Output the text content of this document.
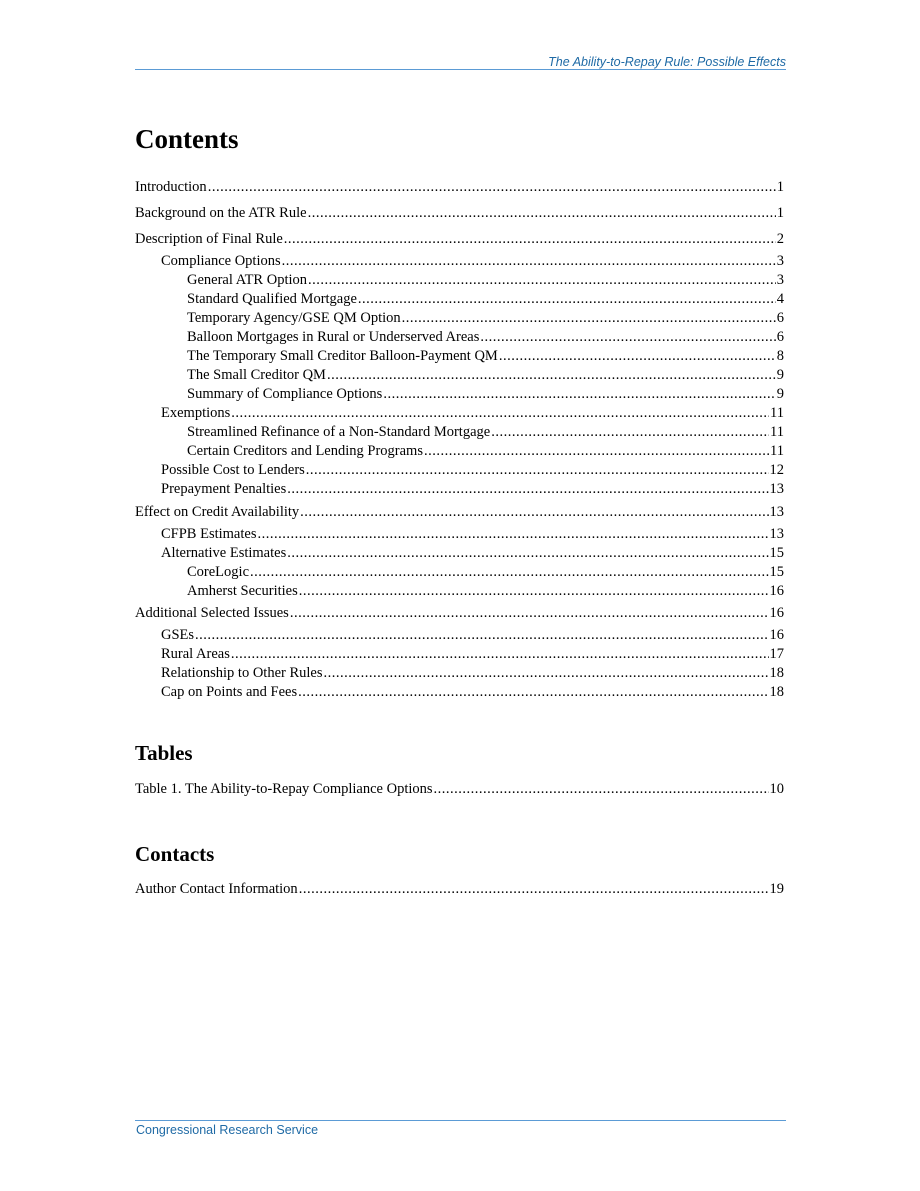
The Ability-to-Repay Rule: Possible Effects
Contents
Introduction .....	1
Background on the ATR Rule .....	1
Description of Final Rule .....	2
Compliance Options .....	3
General ATR Option .....	3
Standard Qualified Mortgage .....	4
Temporary Agency/GSE QM Option .....	6
Balloon Mortgages in Rural or Underserved Areas .....	6
The Temporary Small Creditor Balloon-Payment QM .....	8
The Small Creditor QM .....	9
Summary of Compliance Options .....	9
Exemptions .....	11
Streamlined Refinance of a Non-Standard Mortgage .....	11
Certain Creditors and Lending Programs .....	11
Possible Cost to Lenders .....	12
Prepayment Penalties .....	13
Effect on Credit Availability .....	13
CFPB Estimates .....	13
Alternative Estimates .....	15
CoreLogic .....	15
Amherst Securities .....	16
Additional Selected Issues .....	16
GSEs .....	16
Rural Areas .....	17
Relationship to Other Rules .....	18
Cap on Points and Fees .....	18
Tables
Table 1. The Ability-to-Repay Compliance Options .....	10
Contacts
Author Contact Information .....	19
Congressional Research Service
